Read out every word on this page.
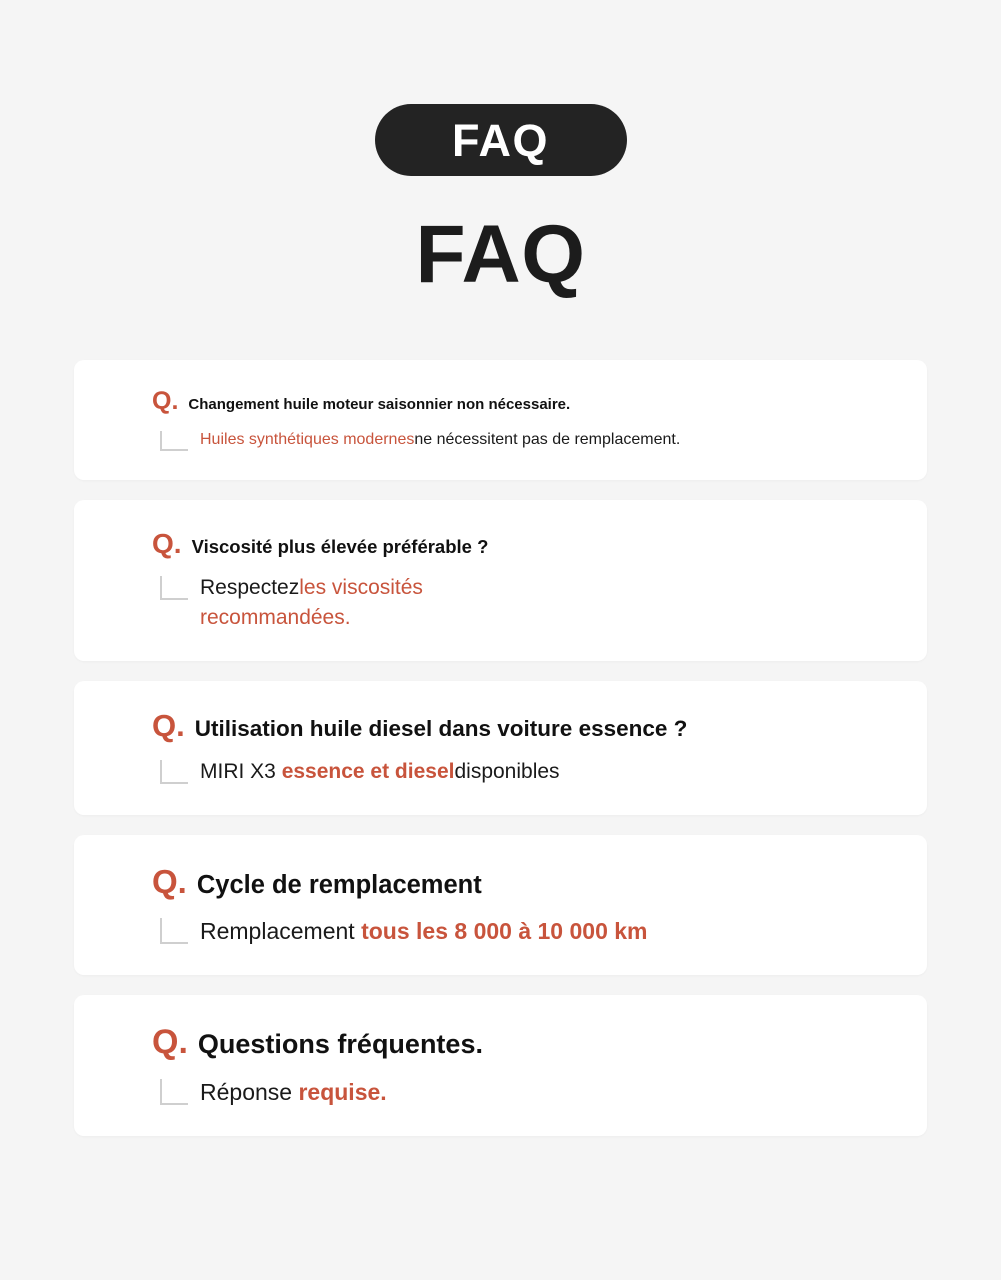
FAQ
FAQ
Q. Changement huile moteur saisonnier non nécessaire.
Huiles synthétiques modernesne nécessitent pas de remplacement.
Q. Viscosité plus élevée préférable ?
Respectezles viscosités recommandées.
Q. Utilisation huile diesel dans voiture essence ?
MIRI X3 essence et dieseldisponibles
Q. Cycle de remplacement
Remplacement tous les 8 000 à 10 000 km
Q. Questions fréquentes.
Réponse requise.
